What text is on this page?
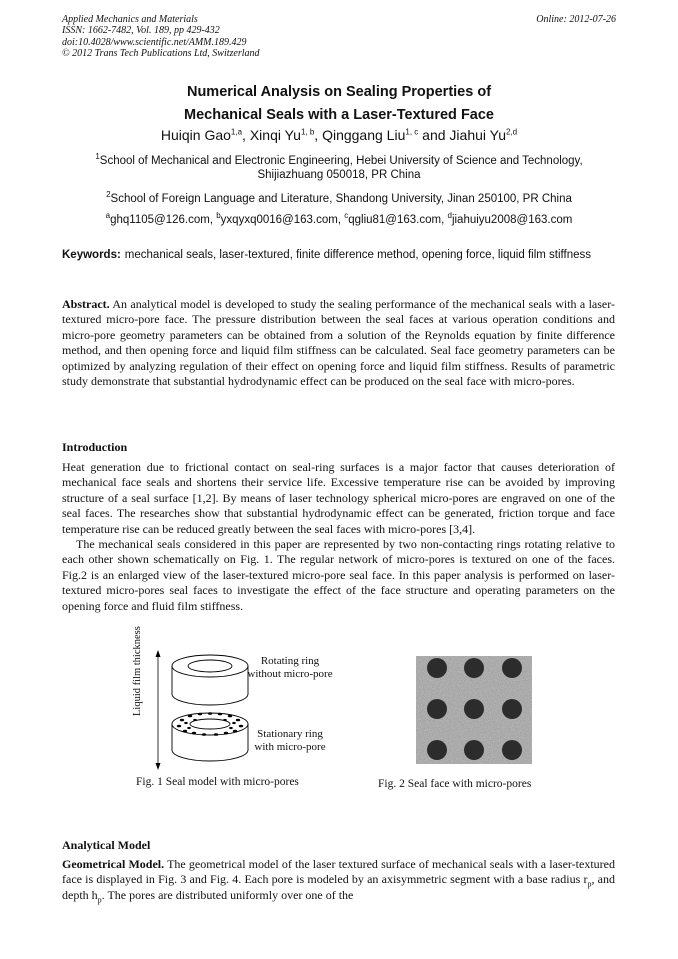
Applied Mechanics and Materials
ISSN: 1662-7482, Vol. 189, pp 429-432
doi:10.4028/www.scientific.net/AMM.189.429
© 2012 Trans Tech Publications Ltd, Switzerland
Online: 2012-07-26
Numerical Analysis on Sealing Properties of
Mechanical Seals with a Laser-Textured Face
Huiqin Gao$^{1,a}$, Xinqi Yu$^{1, b}$, Qinggang Liu$^{1, c}$ and Jiahui Yu$^{2,d}$
$^1$School of Mechanical and Electronic Engineering, Hebei University of Science and Technology, Shijiazhuang 050018, PR China
$^2$School of Foreign Language and Literature, Shandong University, Jinan 250100, PR China
$^a$ghq1105@126.com, $^b$yxqyxq0016@163.com, $^c$qgliu81@163.com, $^d$jiahuiyu2008@163.com
Keywords: mechanical seals, laser-textured, finite difference method, opening force, liquid film stiffness
Abstract. An analytical model is developed to study the sealing performance of the mechanical seals with a laser-textured micro-pore face. The pressure distribution between the seal faces at various operation conditions and micro-pore geometry parameters can be obtained from a solution of the Reynolds equation by finite difference method, and then opening force and liquid film stiffness can be calculated. Seal face geometry parameters can be optimized by analyzing regulation of their effect on opening force and liquid film stiffness. Results of parametric study demonstrate that substantial hydrodynamic effect can be produced on the seal face with micro-pores.
Introduction
Heat generation due to frictional contact on seal-ring surfaces is a major factor that causes deterioration of mechanical face seals and shortens their service life. Excessive temperature rise can be avoided by improving structure of a seal surface [1,2]. By means of laser technology spherical micro-pores are engraved on one of the seal faces. The researches show that substantial hydrodynamic effect can be generated, friction torque and face temperature rise can be reduced greatly between the seal faces with micro-pores [3,4].
The mechanical seals considered in this paper are represented by two non-contacting rings rotating relative to each other shown schematically on Fig. 1. The regular network of micro-pores is textured on one of the faces. Fig.2 is an enlarged view of the laser-textured micro-pore seal face. In this paper analysis is performed on laser-textured micro-pores seal faces to investigate the effect of the face structure and operating parameters on the opening force and fluid film stiffness.
Liquid film thickness	Rotating ring
without micro-pore
Stationary ring
with micro-pore
Fig. 1 Seal model with micro-pores	Fig. 2 Seal face with micro-pores
Analytical Model
Geometrical Model. The geometrical model of the laser textured surface of mechanical seals with a laser-textured face is displayed in Fig. 3 and Fig. 4. Each pore is modeled by an axisymmetric segment with a base radius $r_p$, and depth $h_p$. The pores are distributed uniformly over one of the
